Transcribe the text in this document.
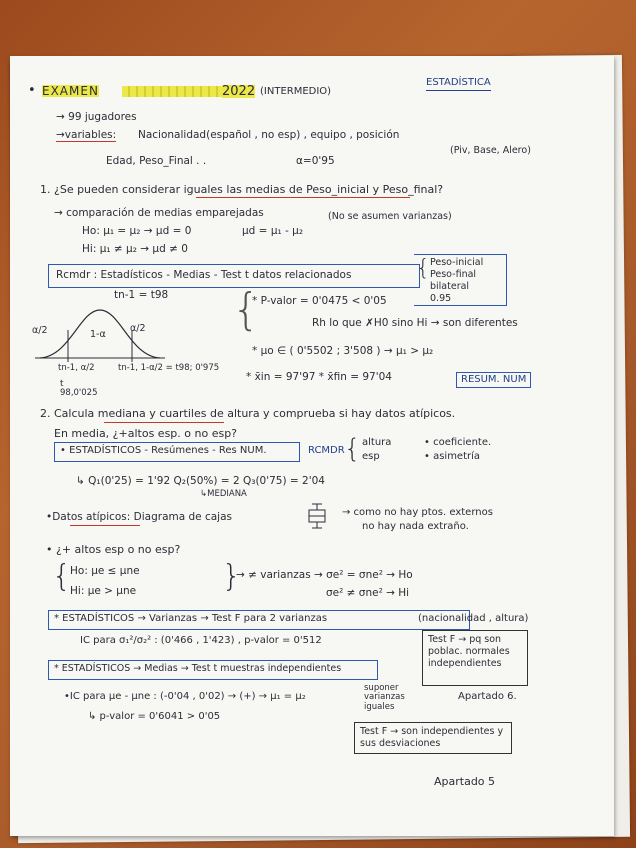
• EXAMEN	2022 (INTERMEDIO)
ESTADÍSTICA
→ 99 jugadores
→variables: Nacionalidad(español , no esp) , equipo , posición
(Piv, Base, Alero)
Edad, Peso_Final . .	α=0'95
1. ¿Se pueden considerar iguales las medias de Peso_inicial y Peso_final?
→ comparación de medias emparejadas	(No se asumen varianzas)
Ho: μ₁ = μ₂ → μd = 0	μd = μ₁ - μ₂
Hi: μ₁ ≠ μ₂ → μd ≠ 0
Rcmdr : Estadísticos - Medias - Test t datos relacionados	{ Peso-inicial
Peso-final
bilateral
0.95
tn-1 = t98
α/2	1-α
α/2
tn-1, α/2	tn-1, 1-α/2 = t98; 0'975
t
98,0'025
{
* P-valor = 0'0475 < 0'05
Rh lo que ✗H0 sino Hi → son diferentes
* μo ∈ ( 0'5502 ; 3'508 ) → μ₁ > μ₂
* x̄in = 97'97 * x̄fin = 97'04	RESUM. NUM
2. Calcula mediana y cuartiles de altura y comprueba si hay datos atípicos.
En media, ¿+altos esp. o no esp?
• ESTADÍSTICOS - Resúmenes - Res NUM.	RCMDR { altura
esp
• coeficiente.
• asimetría
↳ Q₁(0'25) = 1'92 Q₂(50%) = 2 Q₃(0'75) = 2'04
↳MEDIANA
•Datos atípicos: Diagrama de cajas	→ como no hay ptos. externos
no hay nada extraño.
• ¿+ altos esp o no esp?
{
Ho: μe ≤ μne
Hi: μe > μne	}
→ ≠ varianzas → σe² = σne² → Ho
σe² ≠ σne² → Hi
* ESTADÍSTICOS → Varianzas → Test F para 2 varianzas	(nacionalidad , altura)
IC para σ₁²/σ₂² : (0'466 , 1'423) , p-valor = 0'512	Test F → pq son poblac. normales independientes
Apartado 6.
* ESTADÍSTICOS → Medias → Test t muestras independientes
suponer varianzas iguales
•IC para μe - μne : (-0'04 , 0'02) → (+) → μ₁ = μ₂
↳ p-valor = 0'6041 > 0'05
Test F → son independientes y sus desviaciones
Apartado 5
